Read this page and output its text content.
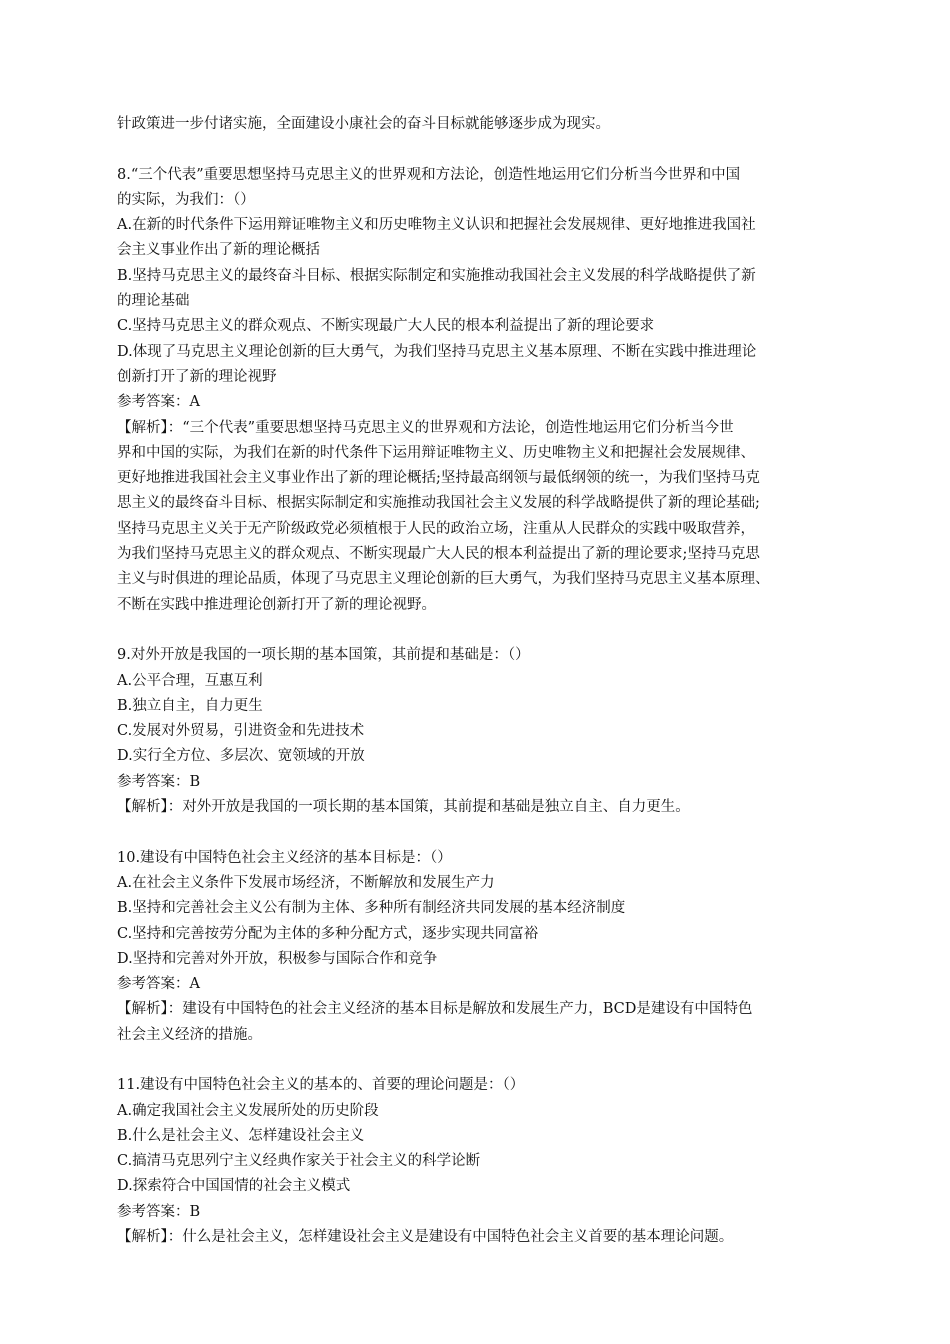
针政策进一步付诸实施，全面建设小康社会的奋斗目标就能够逐步成为现实。
8.“三个代表”重要思想坚持马克思主义的世界观和方法论，创造性地运用它们分析当今世界和中国
的实际，为我们：（）
A.在新的时代条件下运用辩证唯物主义和历史唯物主义认识和把握社会发展规律、更好地推进我国社
会主义事业作出了新的理论概括
B.坚持马克思主义的最终奋斗目标、根据实际制定和实施推动我国社会主义发展的科学战略提供了新
的理论基础
C.坚持马克思主义的群众观点、不断实现最广大人民的根本利益提出了新的理论要求
D.体现了马克思主义理论创新的巨大勇气，为我们坚持马克思主义基本原理、不断在实践中推进理论
创新打开了新的理论视野
参考答案：A
【解析】：“三个代表”重要思想坚持马克思主义的世界观和方法论，创造性地运用它们分析当今世
界和中国的实际，为我们在新的时代条件下运用辩证唯物主义、历史唯物主义和把握社会发展规律、
更好地推进我国社会主义事业作出了新的理论概括;坚持最高纲领与最低纲领的统一，为我们坚持马克
思主义的最终奋斗目标、根据实际制定和实施推动我国社会主义发展的科学战略提供了新的理论基础;
坚持马克思主义关于无产阶级政党必须植根于人民的政治立场，注重从人民群众的实践中吸取营养，
为我们坚持马克思主义的群众观点、不断实现最广大人民的根本利益提出了新的理论要求;坚持马克思
主义与时俱进的理论品质，体现了马克思主义理论创新的巨大勇气，为我们坚持马克思主义基本原理、
不断在实践中推进理论创新打开了新的理论视野。
9.对外开放是我国的一项长期的基本国策，其前提和基础是：（）
A.公平合理，互惠互利
B.独立自主，自力更生
C.发展对外贸易，引进资金和先进技术
D.实行全方位、多层次、宽领域的开放
参考答案：B
【解析】：对外开放是我国的一项长期的基本国策，其前提和基础是独立自主、自力更生。
10.建设有中国特色社会主义经济的基本目标是：（）
A.在社会主义条件下发展市场经济，不断解放和发展生产力
B.坚持和完善社会主义公有制为主体、多种所有制经济共同发展的基本经济制度
C.坚持和完善按劳分配为主体的多种分配方式，逐步实现共同富裕
D.坚持和完善对外开放，积极参与国际合作和竞争
参考答案：A
【解析】：建设有中国特色的社会主义经济的基本目标是解放和发展生产力，BCD是建设有中国特色
社会主义经济的措施。
11.建设有中国特色社会主义的基本的、首要的理论问题是：（）
A.确定我国社会主义发展所处的历史阶段
B.什么是社会主义、怎样建设社会主义
C.搞清马克思列宁主义经典作家关于社会主义的科学论断
D.探索符合中国国情的社会主义模式
参考答案：B
【解析】：什么是社会主义，怎样建设社会主义是建设有中国特色社会主义首要的基本理论问题。
